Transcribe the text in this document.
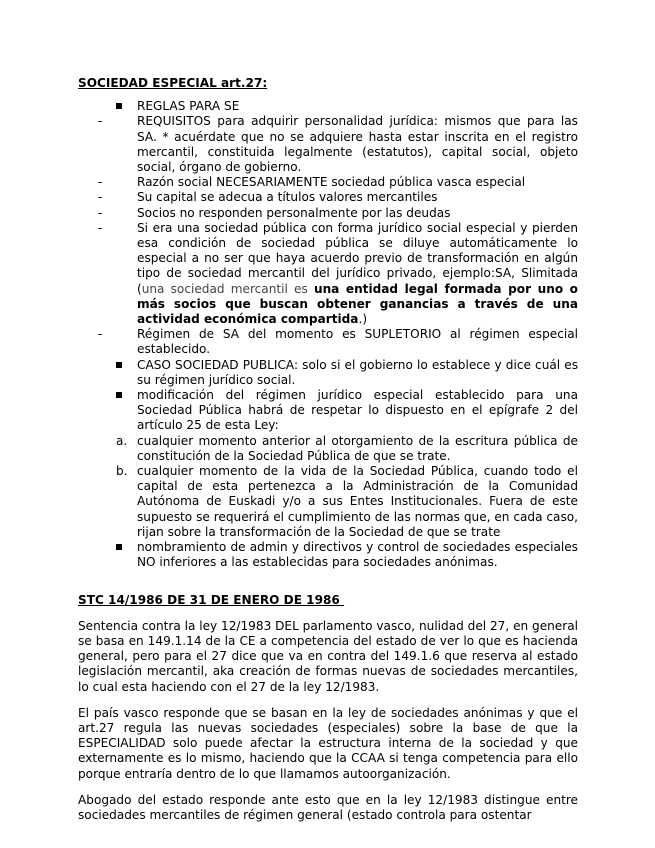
SOCIEDAD ESPECIAL art.27:

REGLAS PARA SE
-	REQUISITOS para adquirir personalidad jurídica: mismos que para las SA. * acuérdate que no se adquiere hasta estar inscrita en el registro mercantil, constituida legalmente (estatutos), capital social, objeto social, órgano de gobierno.
-	Razón social NECESARIAMENTE sociedad pública vasca especial
-	Su capital se adecua a títulos valores mercantiles
-	Socios no responden personalmente por las deudas
-	Si era una sociedad pública con forma jurídico social especial y pierden esa condición de sociedad pública se diluye automáticamente lo especial a no ser que haya acuerdo previo de transformación en algún tipo de sociedad mercantil del jurídico privado, ejemplo:SA, Slimitada (una sociedad mercantil es una entidad legal formada por uno o más socios que buscan obtener ganancias a través de una actividad económica compartida.)
-	Régimen de SA del momento es SUPLETORIO al régimen especial establecido.
CASO SOCIEDAD PUBLICA: solo si el gobierno lo establece y dice cuál es su régimen jurídico social.
modificación del régimen jurídico especial establecido para una Sociedad Pública habrá de respetar lo dispuesto en el epígrafe 2 del artículo 25 de esta Ley:
a. cualquier momento anterior al otorgamiento de la escritura pública de constitución de la Sociedad Pública de que se trate.
b. cualquier momento de la vida de la Sociedad Pública, cuando todo el capital de esta pertenezca a la Administración de la Comunidad Autónoma de Euskadi y/o a sus Entes Institucionales. Fuera de este supuesto se requerirá el cumplimiento de las normas que, en cada caso, rijan sobre la transformación de la Sociedad de que se trate
nombramiento de admin y directivos y control de sociedades especiales NO inferiores a las establecidas para sociedades anónimas.

STC 14/1986 DE 31 DE ENERO DE 1986

Sentencia contra la ley 12/1983 DEL parlamento vasco, nulidad del 27, en general se basa en 149.1.14 de la CE a competencia del estado de ver lo que es hacienda general, pero para el 27 dice que va en contra del 149.1.6 que reserva al estado legislación mercantil, aka creación de formas nuevas de sociedades mercantiles, lo cual esta haciendo con el 27 de la ley 12/1983.

El país vasco responde que se basan en la ley de sociedades anónimas y que el art.27 regula las nuevas sociedades (especiales) sobre la base de que la ESPECIALIDAD solo puede afectar la estructura interna de la sociedad y que externamente es lo mismo, haciendo que la CCAA si tenga competencia para ello porque entraría dentro de lo que llamamos autoorganización.

Abogado del estado responde ante esto que en la ley 12/1983 distingue entre sociedades mercantiles de régimen general (estado controla para ostentar
